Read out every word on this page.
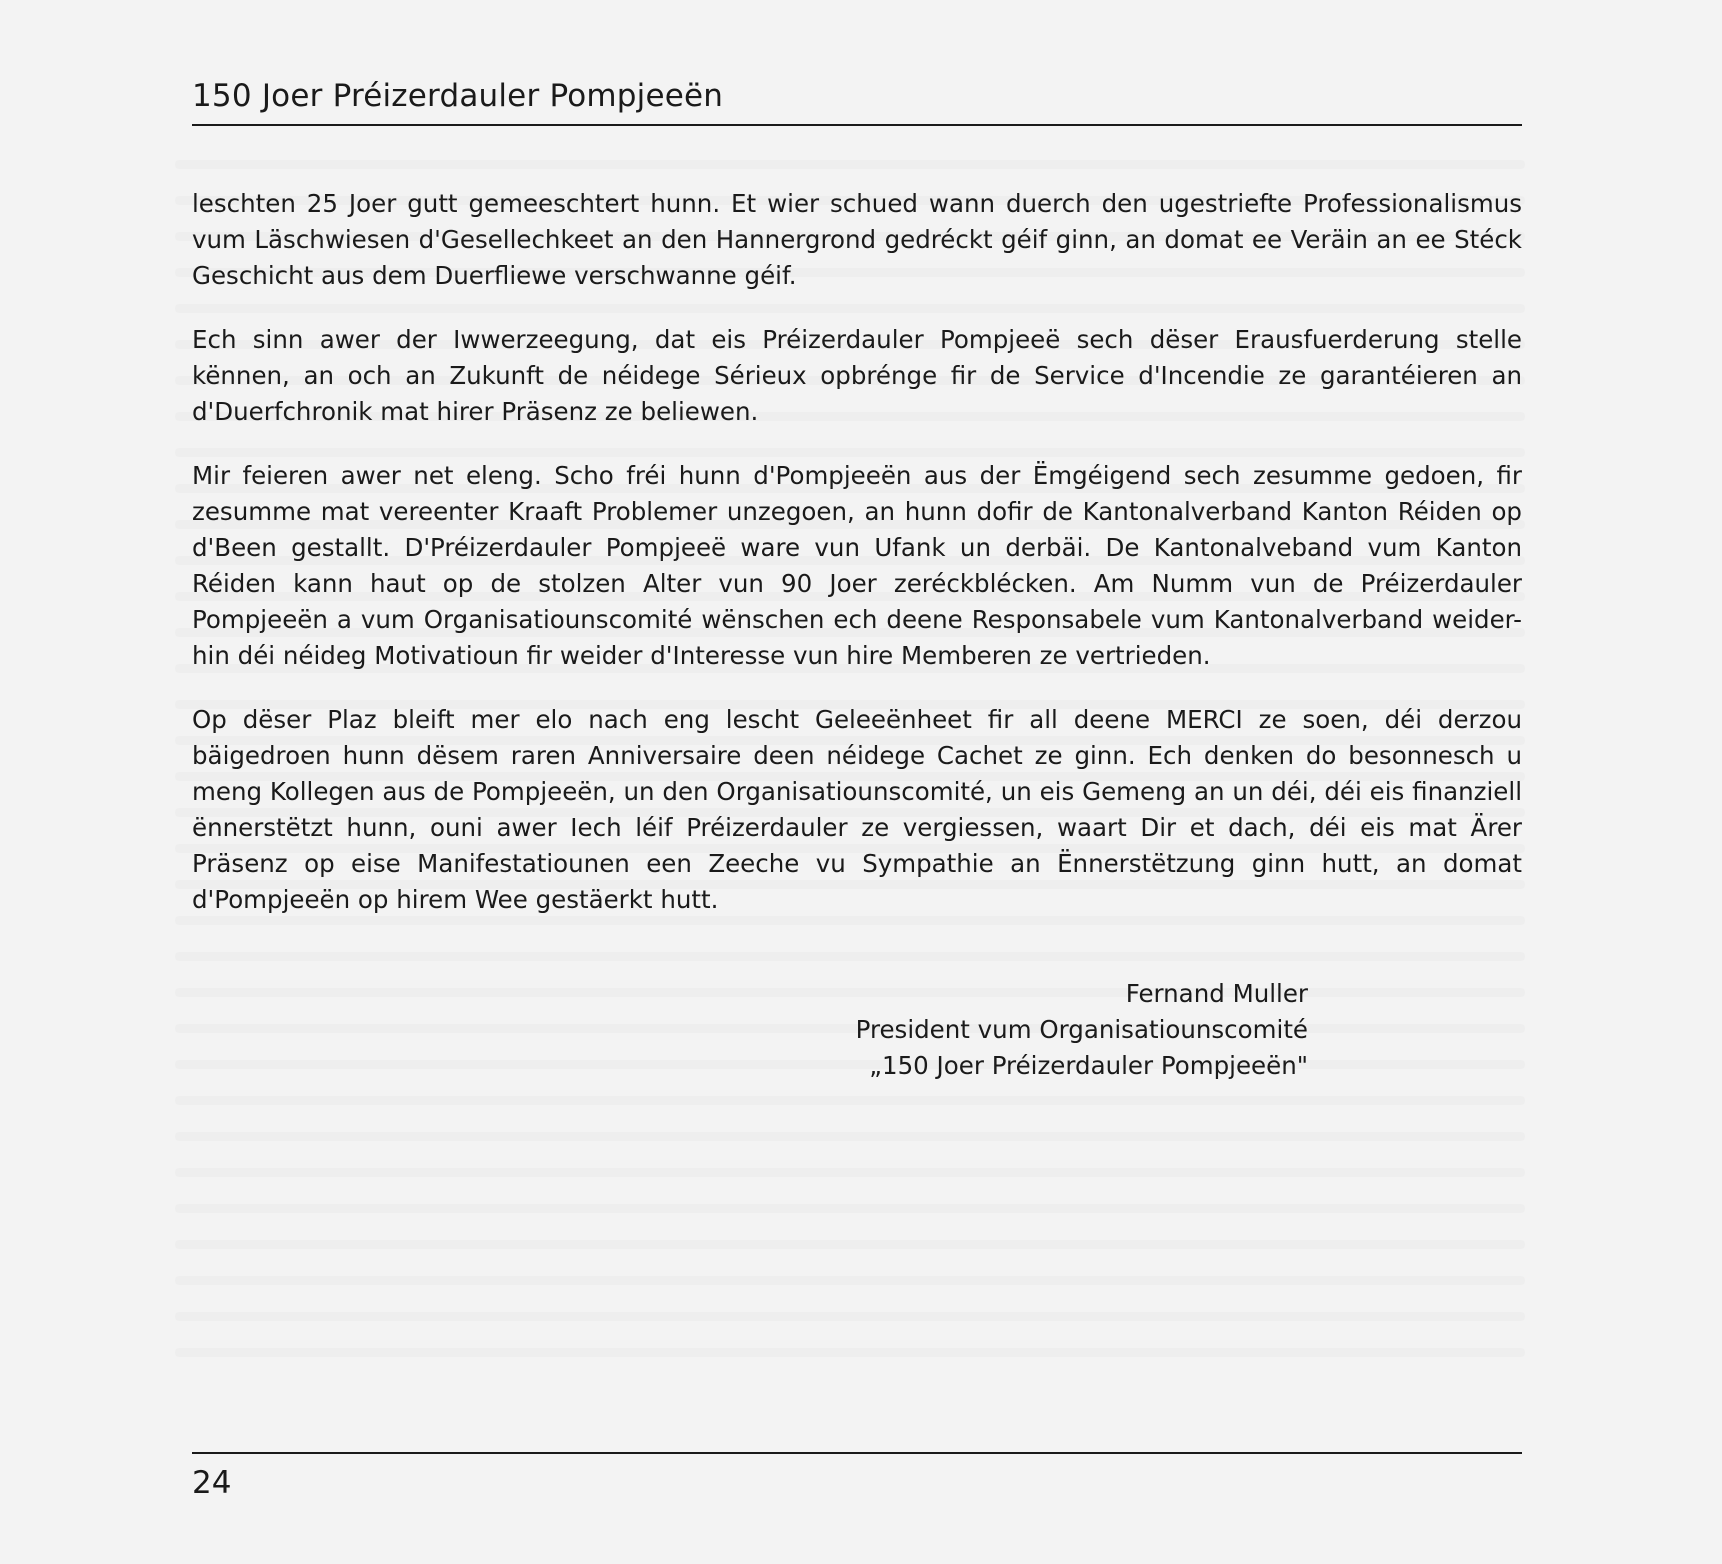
150 Joer Préizerdauler Pompjeeën

leschten 25 Joer gutt gemeeschtert hunn. Et wier schued wann duerch den ugestriefte Professionalismus vum Läschwiesen d'Gesellechkeet an den Hannergrond gedréckt géif ginn, an domat ee Veräin an ee Stéck Geschicht aus dem Duerfliewe verschwanne géif.

Ech sinn awer der Iwwerzeegung, dat eis Préizerdauler Pompjeeë sech dëser Erausfuerderung stelle kënnen, an och an Zukunft de néidege Sérieux opbrénge fir de Service d'Incendie ze garantéieren an d'Duerfchronik mat hirer Präsenz ze beliewen.

Mir feieren awer net eleng. Scho fréi hunn d'Pompjeeën aus der Ëmgéigend sech zesumme gedoen, fir zesumme mat vereenter Kraaft Problemer unzegoen, an hunn dofir de Kantonalverband Kanton Réiden op d'Been gestallt. D'Préizerdauler Pompjeeë ware vun Ufank un derbäi. De Kantonalveband vum Kanton Réiden kann haut op de stolzen Alter vun 90 Joer zeréckblécken. Am Numm vun de Préizerdauler Pompjeeën a vum Organisatiounscomité wënschen ech deene Responsabele vum Kantonalverband weider-hin déi néideg Motivatioun fir weider d'Interesse vun hire Memberen ze vertrieden.

Op dëser Plaz bleift mer elo nach eng lescht Geleeënheet fir all deene MERCI ze soen, déi derzou bäigedroen hunn dësem raren Anniversaire deen néidege Cachet ze ginn. Ech denken do besonnesch u meng Kollegen aus de Pompjeeën, un den Organisatiounscomité, un eis Gemeng an un déi, déi eis finanziell ënnerstëtzt hunn, ouni awer Iech léif Préizerdauler ze vergiessen, waart Dir et dach, déi eis mat Ärer Präsenz op eise Manifestatiounen een Zeeche vu Sympathie an Ënnerstëtzung ginn hutt, an domat d'Pompjeeën op hirem Wee gestäerkt hutt.

Fernand Muller
President vum Organisatiounscomité
„150 Joer Préizerdauler Pompjeeën"
24
